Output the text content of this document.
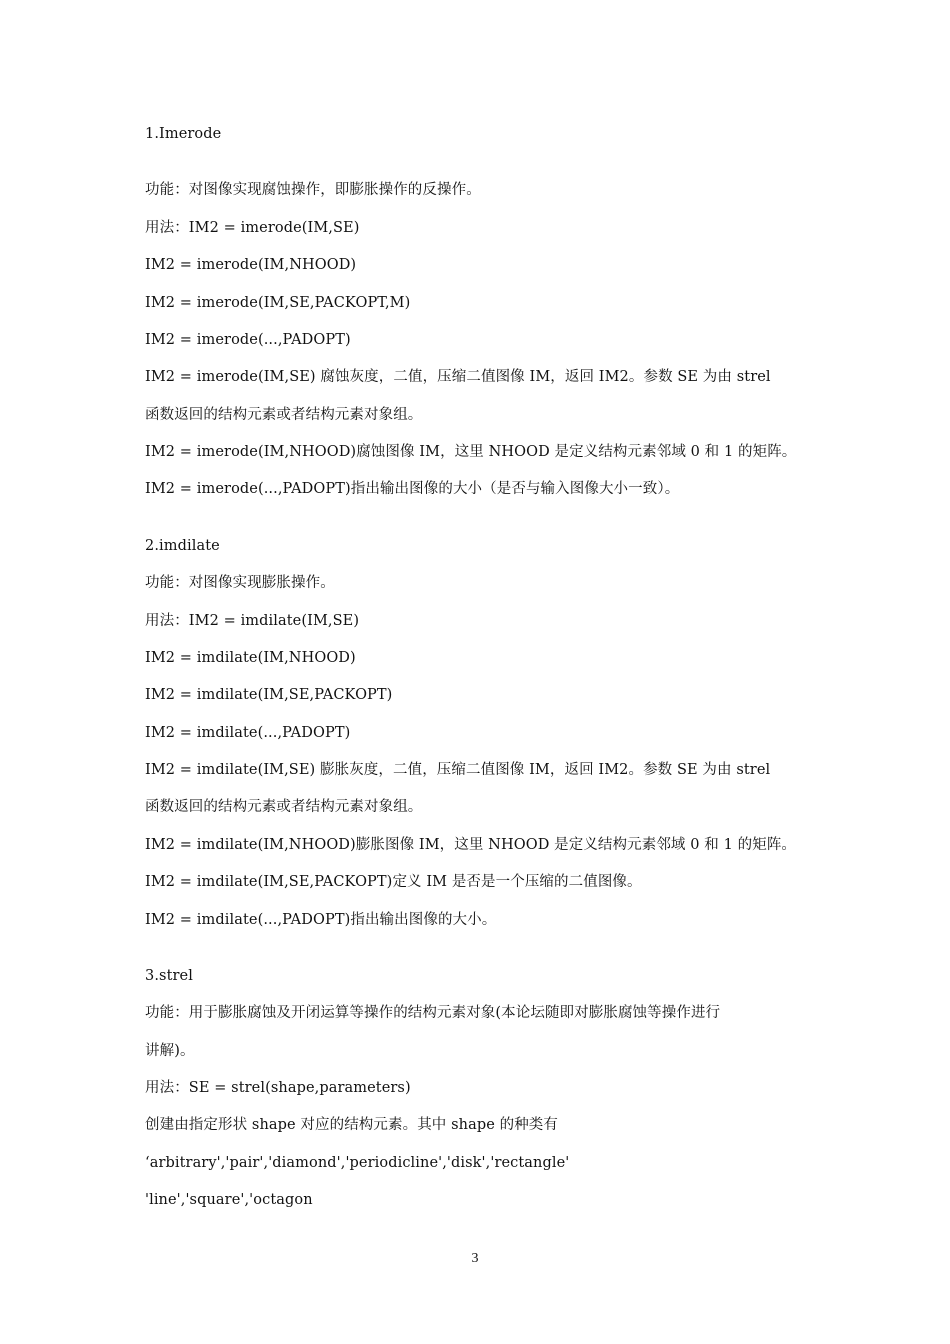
1.Imerode
功能：对图像实现腐蚀操作，即膨胀操作的反操作。
用法：IM2 = imerode(IM,SE)
IM2 = imerode(IM,NHOOD)
IM2 = imerode(IM,SE,PACKOPT,M)
IM2 = imerode(...,PADOPT)
IM2 = imerode(IM,SE) 腐蚀灰度，二值，压缩二值图像 IM，返回 IM2。参数 SE 为由 strel
函数返回的结构元素或者结构元素对象组。
IM2 = imerode(IM,NHOOD)腐蚀图像 IM，这里 NHOOD 是定义结构元素邻域 0 和 1 的矩阵。
IM2 = imerode(...,PADOPT)指出输出图像的大小（是否与输入图像大小一致）。
2.imdilate
功能：对图像实现膨胀操作。
用法：IM2 = imdilate(IM,SE)
IM2 = imdilate(IM,NHOOD)
IM2 = imdilate(IM,SE,PACKOPT)
IM2 = imdilate(...,PADOPT)
IM2 = imdilate(IM,SE) 膨胀灰度，二值，压缩二值图像 IM，返回 IM2。参数 SE 为由 strel
函数返回的结构元素或者结构元素对象组。
IM2 = imdilate(IM,NHOOD)膨胀图像 IM，这里 NHOOD 是定义结构元素邻域 0 和 1 的矩阵。
IM2 = imdilate(IM,SE,PACKOPT)定义 IM 是否是一个压缩的二值图像。
IM2 = imdilate(...,PADOPT)指出输出图像的大小。
3.strel
功能：用于膨胀腐蚀及开闭运算等操作的结构元素对象(本论坛随即对膨胀腐蚀等操作进行
讲解)。
用法：SE = strel(shape,parameters)
创建由指定形状 shape 对应的结构元素。其中 shape 的种类有
‘arbitrary','pair','diamond','periodicline','disk','rectangle'
'line','square','octagon
3
